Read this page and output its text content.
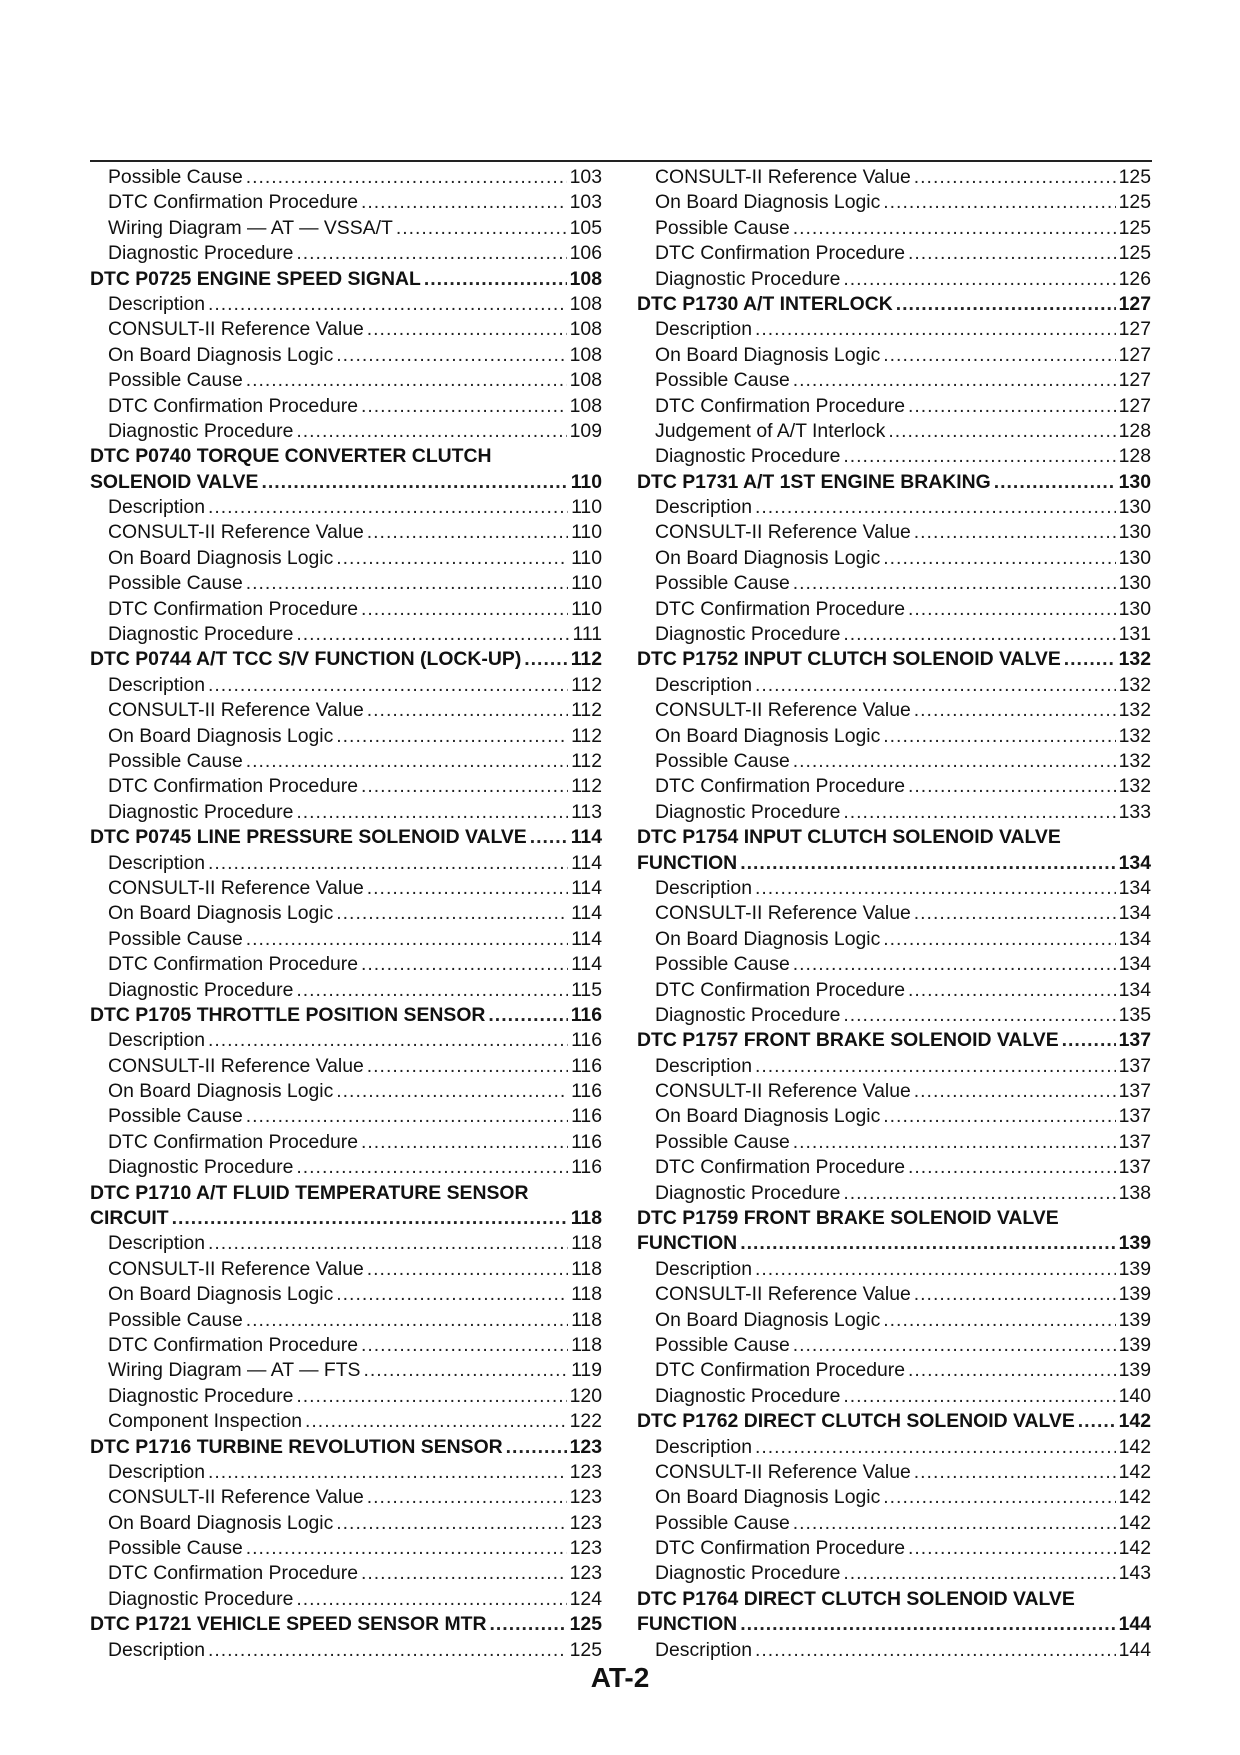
Possible Cause .....	103
DTC Confirmation Procedure .....	103
Wiring Diagram — AT — VSSA/T .....	105
Diagnostic Procedure .....	106
DTC P0725 ENGINE SPEED SIGNAL .....	108
Description .....	108
CONSULT-II Reference Value .....	108
On Board Diagnosis Logic .....	108
Possible Cause .....	108
DTC Confirmation Procedure .....	108
Diagnostic Procedure .....	109
DTC P0740 TORQUE CONVERTER CLUTCH
SOLENOID VALVE .....	110
Description .....	110
CONSULT-II Reference Value .....	110
On Board Diagnosis Logic .....	110
Possible Cause .....	110
DTC Confirmation Procedure .....	110
Diagnostic Procedure .....	111
DTC P0744 A/T TCC S/V FUNCTION (LOCK-UP) .....	112
Description .....	112
CONSULT-II Reference Value .....	112
On Board Diagnosis Logic .....	112
Possible Cause .....	112
DTC Confirmation Procedure .....	112
Diagnostic Procedure .....	113
DTC P0745 LINE PRESSURE SOLENOID VALVE ..... 114
Description .....	114
CONSULT-II Reference Value .....	114
On Board Diagnosis Logic .....	114
Possible Cause .....	114
DTC Confirmation Procedure .....	114
Diagnostic Procedure .....	115
DTC P1705 THROTTLE POSITION SENSOR .....	116
Description .....	116
CONSULT-II Reference Value .....	116
On Board Diagnosis Logic .....	116
Possible Cause .....	116
DTC Confirmation Procedure .....	116
Diagnostic Procedure .....	116
DTC P1710 A/T FLUID TEMPERATURE SENSOR
CIRCUIT .....	118
Description .....	118
CONSULT-II Reference Value .....	118
On Board Diagnosis Logic .....	118
Possible Cause .....	118
DTC Confirmation Procedure .....	118
Wiring Diagram — AT — FTS .....	119
Diagnostic Procedure .....	120
Component Inspection .....	122
DTC P1716 TURBINE REVOLUTION SENSOR .....	123
Description .....	123
CONSULT-II Reference Value .....	123
On Board Diagnosis Logic .....	123
Possible Cause .....	123
DTC Confirmation Procedure .....	123
Diagnostic Procedure .....	124
DTC P1721 VEHICLE SPEED SENSOR MTR .....	125
Description .....	125
CONSULT-II Reference Value .....	125
On Board Diagnosis Logic .....	125
Possible Cause .....	125
DTC Confirmation Procedure .....	125
Diagnostic Procedure .....	126
DTC P1730 A/T INTERLOCK .....	127
Description .....	127
On Board Diagnosis Logic .....	127
Possible Cause .....	127
DTC Confirmation Procedure .....	127
Judgement of A/T Interlock .....	128
Diagnostic Procedure .....	128
DTC P1731 A/T 1ST ENGINE BRAKING .....	130
Description .....	130
CONSULT-II Reference Value .....	130
On Board Diagnosis Logic .....	130
Possible Cause .....	130
DTC Confirmation Procedure .....	130
Diagnostic Procedure .....	131
DTC P1752 INPUT CLUTCH SOLENOID VALVE .....	132
Description .....	132
CONSULT-II Reference Value .....	132
On Board Diagnosis Logic .....	132
Possible Cause .....	132
DTC Confirmation Procedure .....	132
Diagnostic Procedure .....	133
DTC P1754 INPUT CLUTCH SOLENOID VALVE
FUNCTION .....	134
Description .....	134
CONSULT-II Reference Value .....	134
On Board Diagnosis Logic .....	134
Possible Cause .....	134
DTC Confirmation Procedure .....	134
Diagnostic Procedure .....	135
DTC P1757 FRONT BRAKE SOLENOID VALVE .....	137
Description .....	137
CONSULT-II Reference Value .....	137
On Board Diagnosis Logic .....	137
Possible Cause .....	137
DTC Confirmation Procedure .....	137
Diagnostic Procedure .....	138
DTC P1759 FRONT BRAKE SOLENOID VALVE
FUNCTION .....	139
Description .....	139
CONSULT-II Reference Value .....	139
On Board Diagnosis Logic .....	139
Possible Cause .....	139
DTC Confirmation Procedure .....	139
Diagnostic Procedure .....	140
DTC P1762 DIRECT CLUTCH SOLENOID VALVE ..... 142
Description .....	142
CONSULT-II Reference Value .....	142
On Board Diagnosis Logic .....	142
Possible Cause .....	142
DTC Confirmation Procedure .....	142
Diagnostic Procedure .....	143
DTC P1764 DIRECT CLUTCH SOLENOID VALVE
FUNCTION .....	144
Description .....	144
AT-2
